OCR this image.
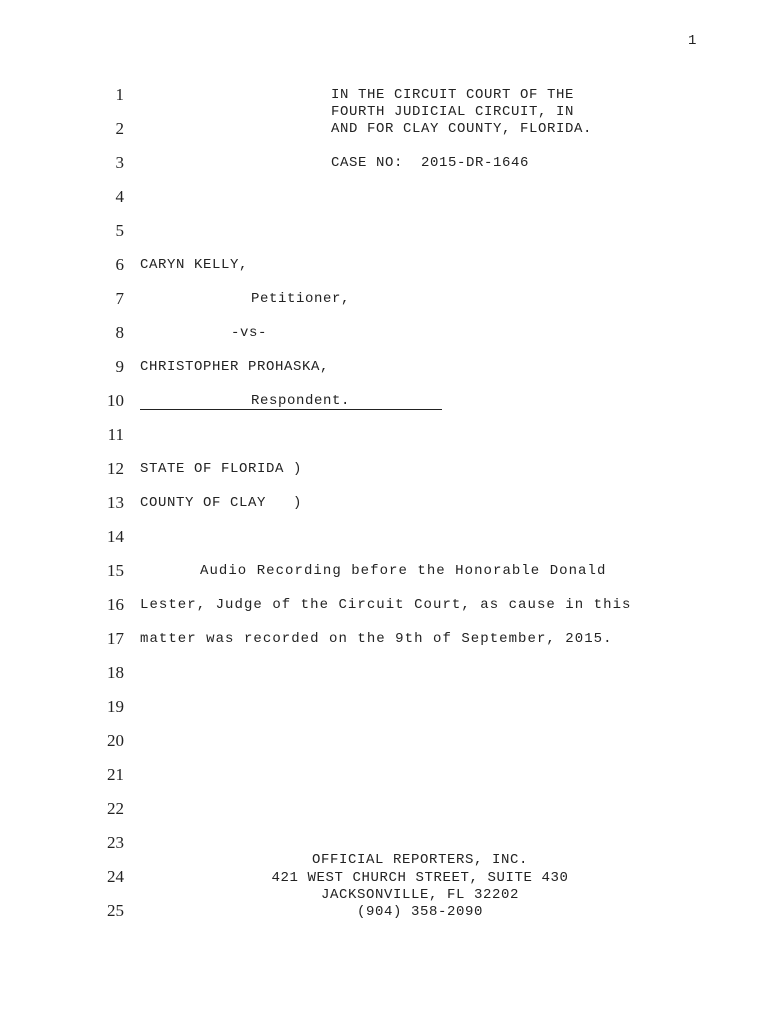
1
1
2
3
4
5
6
7
8
9
10
11
12
13
14
15
16
17
18
19
20
21
22
23
24
25
IN THE CIRCUIT COURT OF THE
FOURTH JUDICIAL CIRCUIT, IN
AND FOR CLAY COUNTY, FLORIDA.
CASE NO:  2015-DR-1646
CARYN KELLY,
Petitioner,
-vs-
CHRISTOPHER PROHASKA,
Respondent.
STATE OF FLORIDA )
COUNTY OF CLAY   )
Audio Recording before the Honorable Donald
Lester, Judge of the Circuit Court, as cause in this
matter was recorded on the 9th of September, 2015.
OFFICIAL REPORTERS, INC.
421 WEST CHURCH STREET, SUITE 430
JACKSONVILLE, FL 32202
(904) 358-2090
